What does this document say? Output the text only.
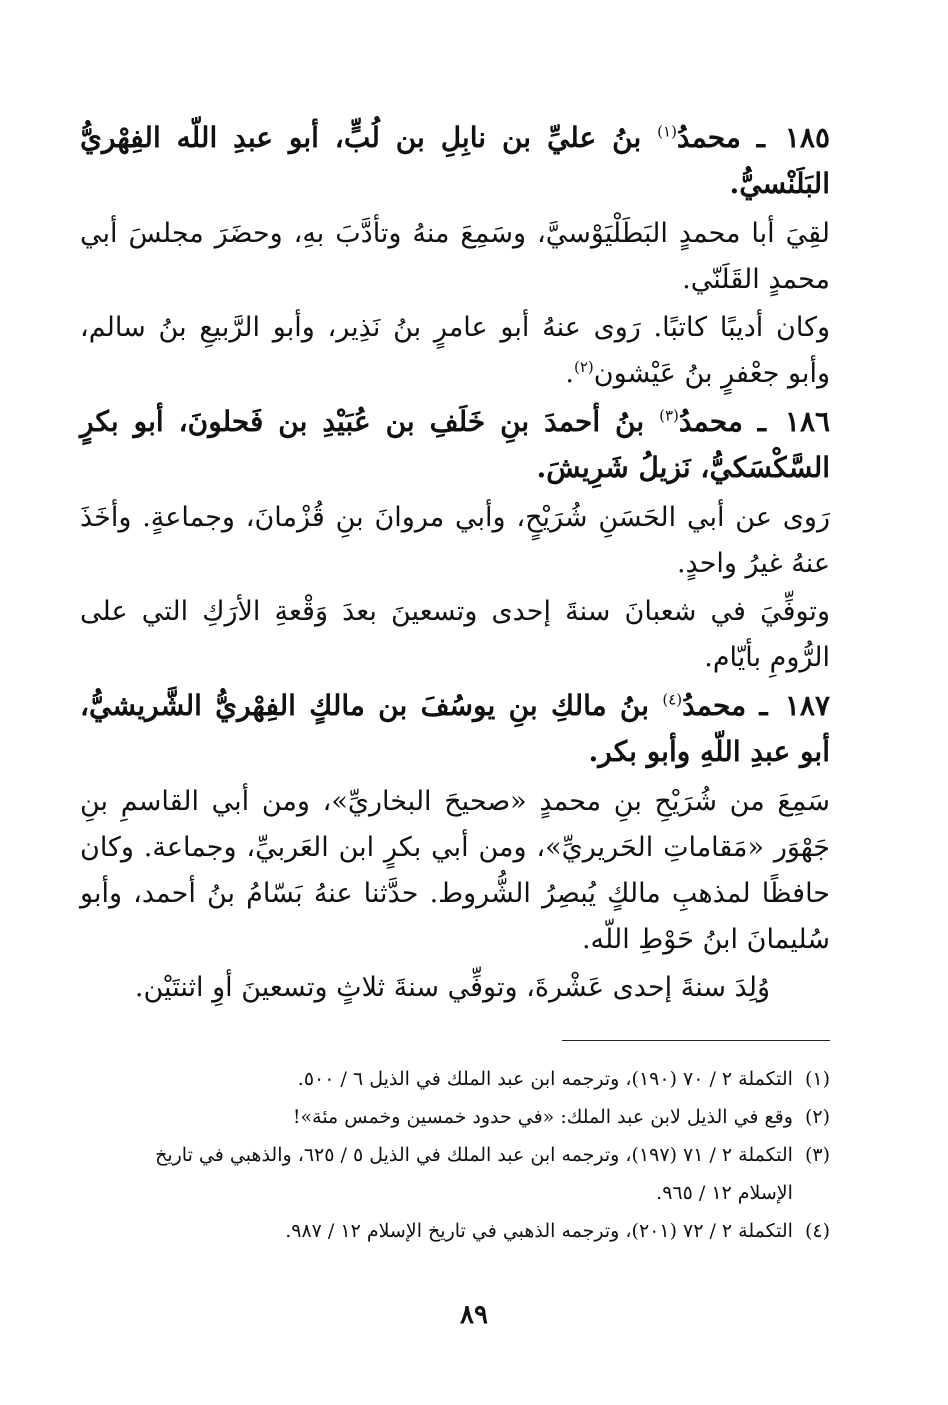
١٨٥ ـ محمدُ$^{(١)}$ بنُ عليِّ بن نابِلِ بن لُبٍّ، أبو عبدِ اللّه الفِهْريُّ البَلَنْسيُّ.

لقِيَ أبا محمدٍ البَطَلْيَوْسيَّ، وسَمِعَ منهُ وتأدَّبَ بهِ، وحضَرَ مجلسَ أبي محمدٍ القَلَنّي.

وكان أديبًا كاتبًا. رَوى عنهُ أبو عامرٍ بنُ نَذِير، وأبو الرَّبيعِ بنُ سالم، وأبو جعْفرٍ بنُ عَيْشون$^{(٢)}$.

١٨٦ ـ محمدُ$^{(٣)}$ بنُ أحمدَ بنِ خَلَفِ بن عُبَيْدِ بن فَحلونَ، أبو بكرٍ السَّكْسَكيُّ، نَزيلُ شَرِيشَ.

رَوى عن أبي الحَسَنِ شُرَيْحٍ، وأبي مروانَ بنِ قُزْمانَ، وجماعةٍ. وأخَذَ عنهُ غيرُ واحدٍ.

وتوفِّيَ في شعبانَ سنةَ إحدى وتسعينَ بعدَ وَقْعةِ الأرَكِ التي على الرُّومِ بأيّام.

١٨٧ ـ محمدُ$^{(٤)}$ بنُ مالكِ بنِ يوسُفَ بن مالكٍ الفِهْريُّ الشَّريشيُّ، أبو عبدِ اللّهِ وأبو بكر.

سَمِعَ من شُرَيْحِ بنِ محمدٍ «صحيحَ البخاريِّ»، ومن أبي القاسمِ بنِ جَهْوَر «مَقاماتِ الحَريريِّ»، ومن أبي بكرٍ ابن العَربيِّ، وجماعة. وكان حافظًا لمذهبِ مالكٍ يُبصِرُ الشُّروط. حدَّثنا عنهُ بَسّامُ بنُ أحمد، وأبو سُليمانَ ابنُ حَوْطِ اللّه.

وُلِدَ سنةَ إحدى عَشْرةَ، وتوفِّي سنةَ ثلاثٍ وتسعينَ أوِ اثنتَيْن.

(١)
التكملة ٢ / ٧٠ (١٩٠)، وترجمه ابن عبد الملك في الذيل ٦ / ٥٠٠.
(٢)
وقع في الذيل لابن عبد الملك: «في حدود خمسين وخمس مئة»!
(٣)
التكملة ٢ / ٧١ (١٩٧)، وترجمه ابن عبد الملك في الذيل ٥ / ٦٢٥، والذهبي في تاريخ الإسلام ١٢ / ٩٦٥.
(٤)
التكملة ٢ / ٧٢ (٢٠١)، وترجمه الذهبي في تاريخ الإسلام ١٢ / ٩٨٧.
٨٩
